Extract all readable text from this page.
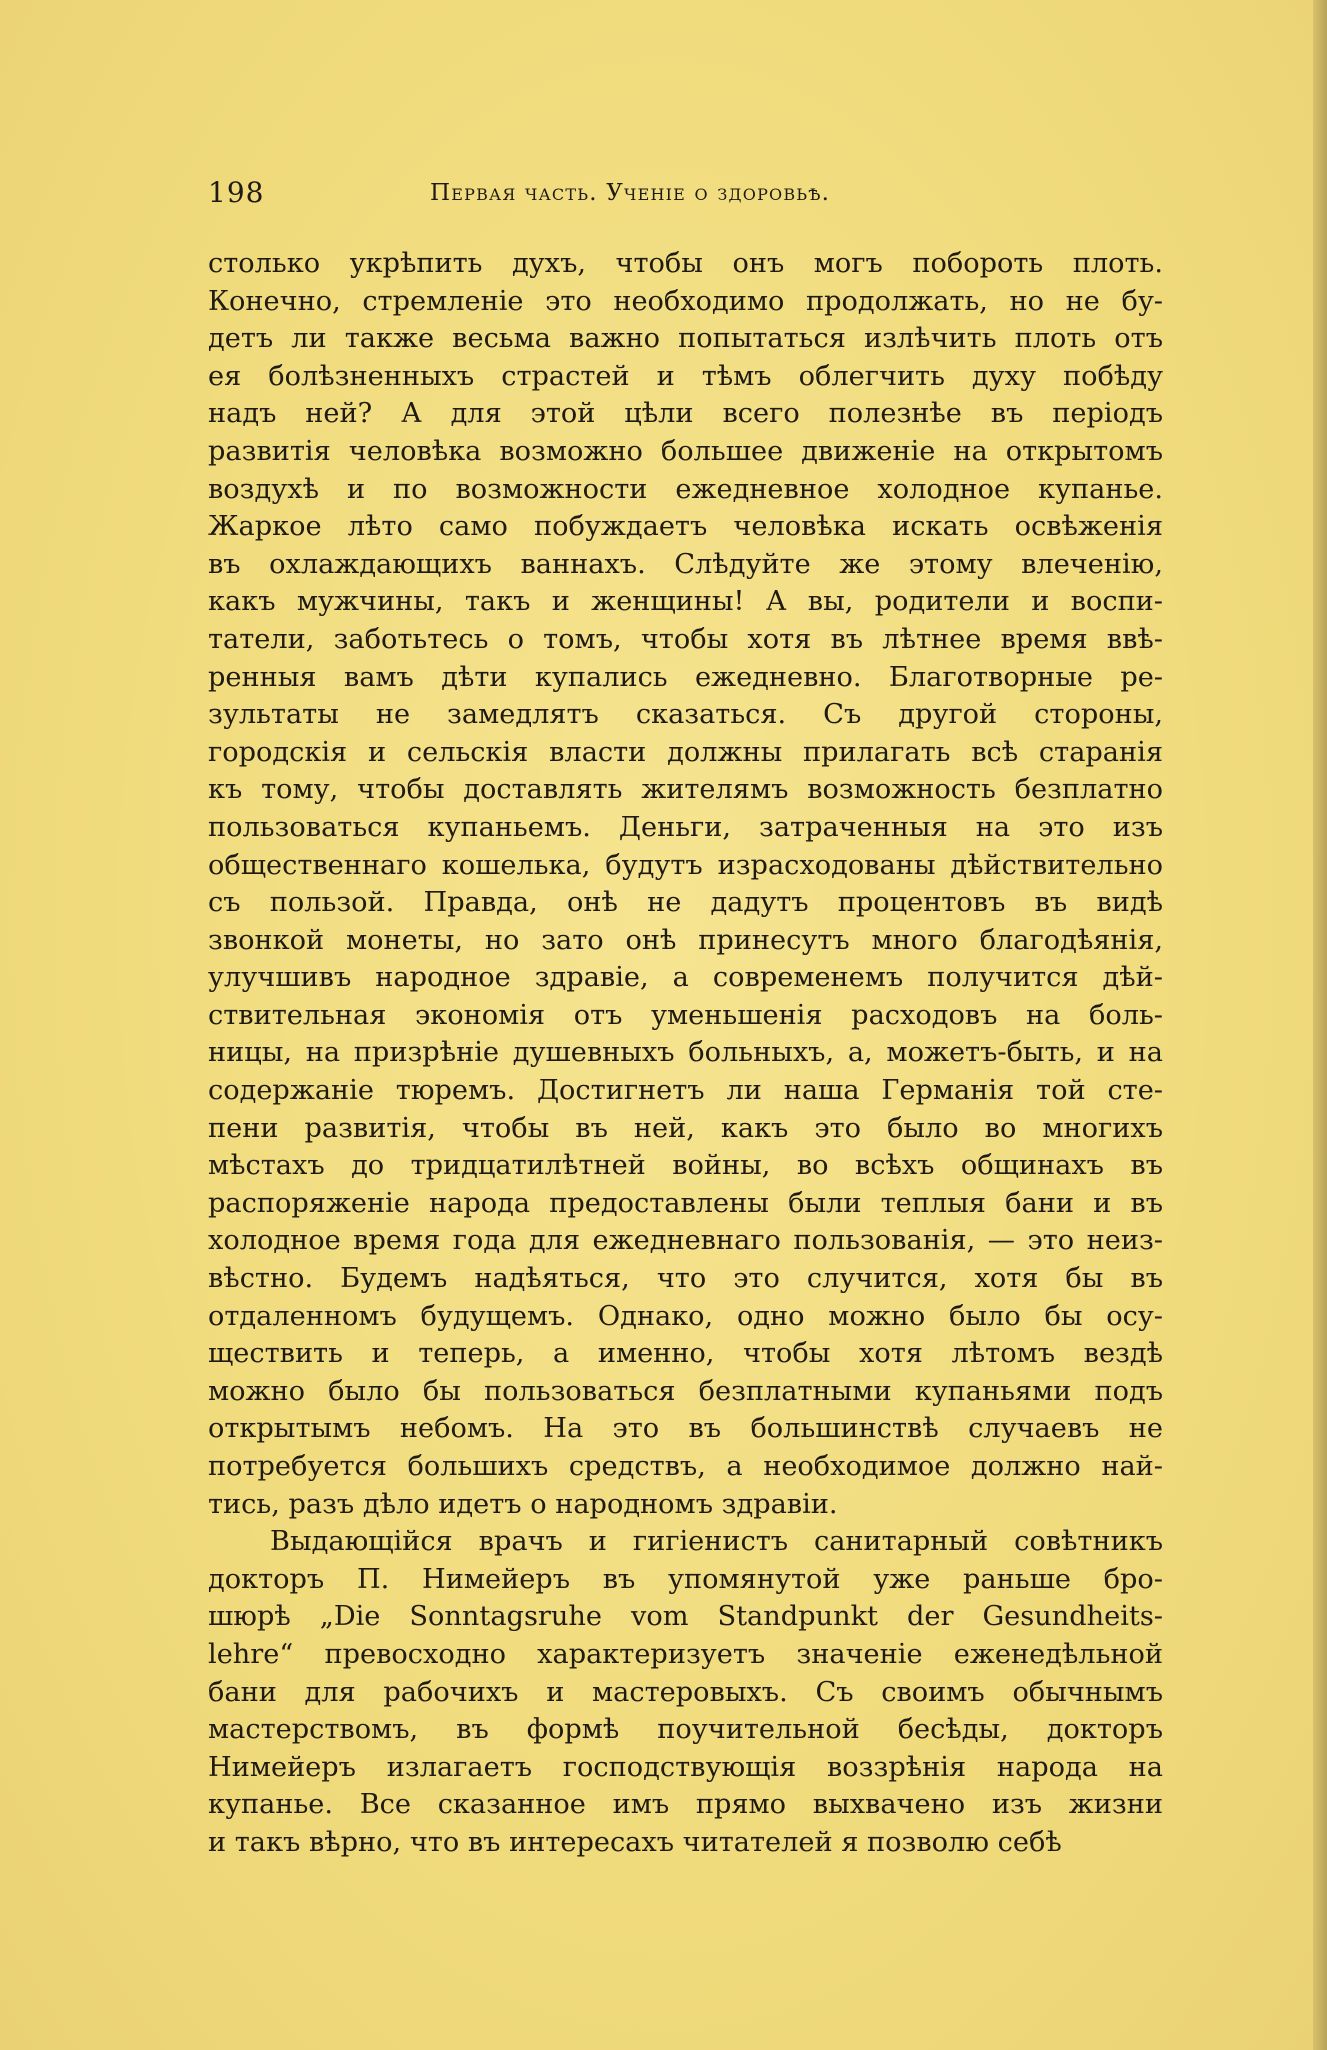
198	Первая часть. Ученіе о здоровьѣ.
столько укрѣпить духъ, чтобы онъ могъ побороть плоть.
Конечно, стремленіе это необходимо продолжать, но не бу-
детъ ли также весьма важно попытаться излѣчить плоть отъ
ея болѣзненныхъ страстей и тѣмъ облегчить духу побѣду
надъ ней? А для этой цѣли всего полезнѣе въ періодъ
развитія человѣка возможно большее движеніе на открытомъ
воздухѣ и по возможности ежедневное холодное купанье.
Жаркое лѣто само побуждаетъ человѣка искать освѣженія
въ охлаждающихъ ваннахъ. Слѣдуйте же этому влеченію,
какъ мужчины, такъ и женщины! А вы, родители и воспи-
татели, заботьтесь о томъ, чтобы хотя въ лѣтнее время ввѣ-
ренныя вамъ дѣти купались ежедневно. Благотворные ре-
зультаты не замедлятъ сказаться. Съ другой стороны,
городскія и сельскія власти должны прилагать всѣ старанія
къ тому, чтобы доставлять жителямъ возможность безплатно
пользоваться купаньемъ. Деньги, затраченныя на это изъ
общественнаго кошелька, будутъ израсходованы дѣйствительно
съ пользой. Правда, онѣ не дадутъ процентовъ въ видѣ
звонкой монеты, но зато онѣ принесутъ много благодѣянія,
улучшивъ народное здравіе, а современемъ получится дѣй-
ствительная экономія отъ уменьшенія расходовъ на боль-
ницы, на призрѣніе душевныхъ больныхъ, а, можетъ-быть, и на
содержаніе тюремъ. Достигнетъ ли наша Германія той сте-
пени развитія, чтобы въ ней, какъ это было во многихъ
мѣстахъ до тридцатилѣтней войны, во всѣхъ общинахъ въ
распоряженіе народа предоставлены были теплыя бани и въ
холодное время года для ежедневнаго пользованія, — это неиз-
вѣстно. Будемъ надѣяться, что это случится, хотя бы въ
отдаленномъ будущемъ. Однако, одно можно было бы осу-
ществить и теперь, а именно, чтобы хотя лѣтомъ вездѣ
можно было бы пользоваться безплатными купаньями подъ
открытымъ небомъ. На это въ большинствѣ случаевъ не
потребуется большихъ средствъ, а необходимое должно най-
тись, разъ дѣло идетъ о народномъ здравіи.
Выдающійся врачъ и гигіенистъ санитарный совѣтникъ
докторъ П. Нимейеръ въ упомянутой уже раньше бро-
шюрѣ „Die Sonntagsruhe vom Standpunkt der Gesundheits-
lehre“ превосходно характеризуетъ значеніе еженедѣльной
бани для рабочихъ и мастеровыхъ. Съ своимъ обычнымъ
мастерствомъ, въ формѣ поучительной бесѣды, докторъ
Нимейеръ излагаетъ господствующія воззрѣнія народа на
купанье. Все сказанное имъ прямо выхвачено изъ жизни
и такъ вѣрно, что въ интересахъ читателей я позволю себѣ
